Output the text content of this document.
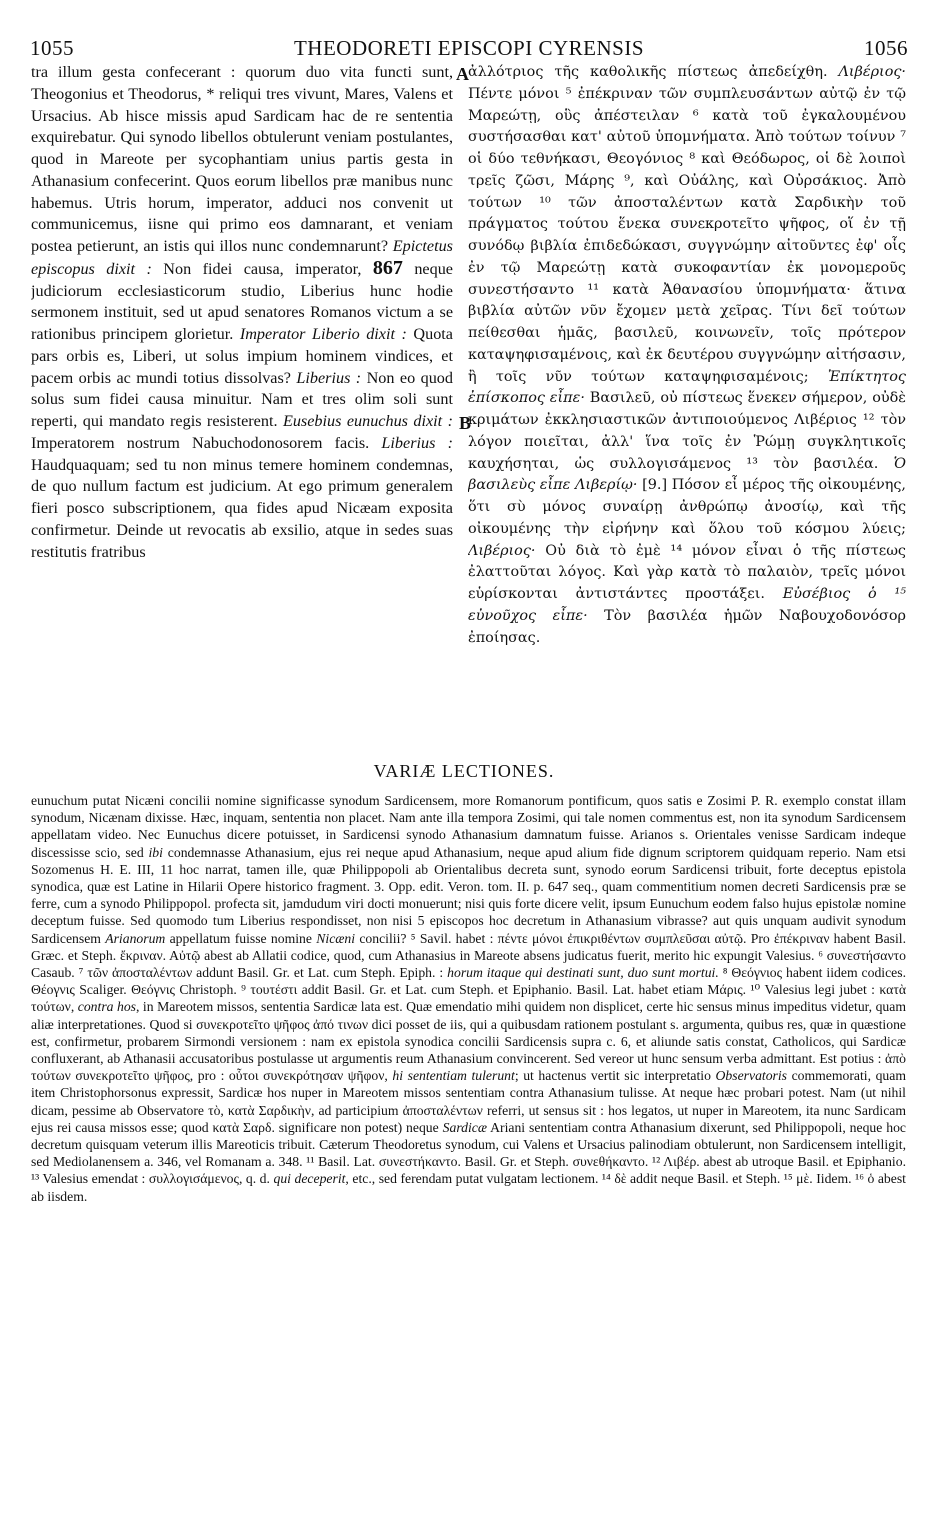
1055	THEODORETI EPISCOPI CYRENSIS	1056

tra illum gesta confecerant : quorum duo vita functi sunt, Theogonius et Theodorus, * reliqui tres vivunt, Mares, Valens et Ursacius. Ab hisce missis apud Sardicam hac de re sententia exquirebatur. Qui synodo libellos obtulerunt veniam postulantes, quod in Mareote per sycophantiam unius partis gesta in Athanasium confecerint. Quos eorum libellos præ manibus nunc habemus. Utris horum, imperator, adduci nos convenit ut communicemus, iisne qui primo eos damnarant, et veniam postea petierunt, an istis qui illos nunc condemnarunt? Epictetus episcopus dixit : Non fidei causa, imperator, 867 neque judiciorum ecclesiasticorum studio, Liberius hunc hodie sermonem instituit, sed ut apud senatores Romanos victum a se rationibus principem glorietur. Imperator Liberio dixit : Quota pars orbis es, Liberi, ut solus impium hominem vindices, et pacem orbis ac mundi totius dissolvas? Liberius : Non eo quod solus sum fidei causa minuitur. Nam et tres olim soli sunt reperti, qui mandato regis resisterent. Eusebius eunuchus dixit : Imperatorem nostrum Nabuchodonosorem facis. Liberius : Haudquaquam; sed tu non minus temere hominem condemnas, de quo nullum factum est judicium. At ego primum generalem fieri posco subscriptionem, qua fides apud Nicæam exposita confirmetur. Deinde ut revocatis ab exsilio, atque in sedes suas restitutis fratribus

A
B

ἀλλότριος τῆς καθολικῆς πίστεως ἀπεδείχθη. Λιβέριος· Πέντε μόνοι ⁵ ἐπέκριναν τῶν συμπλευσάντων αὐτῷ ἐν τῷ Μαρεώτῃ, οὓς ἀπέστειλαν ⁶ κατὰ τοῦ ἐγκαλουμένου συστήσασθαι κατ' αὐτοῦ ὑπομνήματα. Ἀπὸ τούτων τοίνυν ⁷ οἱ δύο τεθνήκασι, Θεογόνιος ⁸ καὶ Θεόδωρος, οἱ δὲ λοιποὶ τρεῖς ζῶσι, Μάρης ⁹, καὶ Οὐάλης, καὶ Οὐρσάκιος. Ἀπὸ τούτων ¹⁰ τῶν ἀποσταλέντων κατὰ Σαρδικὴν τοῦ πράγματος τούτου ἕνεκα συνεκροτεῖτο ψῆφος, οἵ ἐν τῇ συνόδῳ βιβλία ἐπιδεδώκασι, συγγνώμην αἰτοῦντες ἐφ' οἷς ἐν τῷ Μαρεώτῃ κατὰ συκοφαντίαν ἐκ μονομεροῦς συνεστήσαντο ¹¹ κατὰ Ἀθανασίου ὑπομνήματα· ἅτινα βιβλία αὐτῶν νῦν ἔχομεν μετὰ χεῖρας. Τίνι δεῖ τούτων πείθεσθαι ἡμᾶς, βασιλεῦ, κοινωνεῖν, τοῖς πρότερον καταψηφισαμένοις, καὶ ἐκ δευτέρου συγγνώμην αἰτήσασιν, ἢ τοῖς νῦν τούτων καταψηφισαμένοις; Ἐπίκτητος ἐπίσκοπος εἶπε· Βασιλεῦ, οὐ πίστεως ἕνεκεν σήμερον, οὐδὲ κριμάτων ἐκκλησιαστικῶν ἀντιποιούμενος Λιβέριος ¹² τὸν λόγον ποιεῖται, ἀλλ' ἵνα τοῖς ἐν Ῥώμῃ συγκλητικοῖς καυχήσηται, ὡς συλλογισάμενος ¹³ τὸν βασιλέα. Ὁ βασιλεὺς εἶπε Λιβερίῳ· [9.] Πόσον εἶ μέρος τῆς οἰκουμένης, ὅτι σὺ μόνος συναίρῃ ἀνθρώπῳ ἀνοσίῳ, καὶ τῆς οἰκουμένης τὴν εἰρήνην καὶ ὅλου τοῦ κόσμου λύεις; Λιβέριος· Οὐ διὰ τὸ ἐμὲ ¹⁴ μόνον εἶναι ὁ τῆς πίστεως ἐλαττοῦται λόγος. Καὶ γὰρ κατὰ τὸ παλαιὸν, τρεῖς μόνοι εὑρίσκονται ἀντιστάντες προστάξει. Εὐσέβιος ὁ ¹⁵ εὐνοῦχος εἶπε· Τὸν βασιλέα ἡμῶν Ναβουχοδονόσορ ἐποίησας.

VARIÆ LECTIONES.
eunuchum putat Nicæni concilii nomine significasse synodum Sardicensem, more Romanorum pontificum, quos satis e Zosimi P. R. exemplo constat illam synodum, Nicænam dixisse. Hæc, inquam, sententia non placet. Nam ante illa tempora Zosimi, qui tale nomen commentus est, non ita synodum Sardicensem appellatam video. Nec Eunuchus dicere potuisset, in Sardicensi synodo Athanasium damnatum fuisse. Arianos s. Orientales venisse Sardicam indeque discessisse scio, sed ibi condemnasse Athanasium, ejus rei neque apud Athanasium, neque apud alium fide dignum scriptorem quidquam reperio. Nam etsi Sozomenus H. E. III, 11 hoc narrat, tamen ille, quæ Philippopoli ab Orientalibus decreta sunt, synodo eorum Sardicensi tribuit, forte deceptus epistola synodica, quæ est Latine in Hilarii Opere historico fragment. 3. Opp. edit. Veron. tom. II. p. 647 seq., quam commentitium nomen decreti Sardicensis præ se ferre, cum a synodo Philippopol. profecta sit, jamdudum viri docti monuerunt; nisi quis forte dicere velit, ipsum Eunuchum eodem falso hujus epistolæ nomine deceptum fuisse. Sed quomodo tum Liberius respondisset, non nisi 5 episcopos hoc decretum in Athanasium vibrasse? aut quis unquam audivit synodum Sardicensem Arianorum appellatum fuisse nomine Nicæni concilii? ⁵ Savil. habet : πέντε μόνοι ἐπικριθέντων συμπλεῦσαι αὐτῷ. Pro ἐπέκριναν habent Basil. Græc. et Steph. ἔκριναν. Αὐτῷ abest ab Allatii codice, quod, cum Athanasius in Mareote absens judicatus fuerit, merito hic expungit Valesius. ⁶ συνεστήσαντο Casaub. ⁷ τῶν ἀποσταλέντων addunt Basil. Gr. et Lat. cum Steph. Epiph. : horum itaque qui destinati sunt, duo sunt mortui. ⁸ Θεόγνιος habent iidem codices. Θέογνις Scaliger. Θεόγνις Christoph. ⁹ τουτέστι addit Basil. Gr. et Lat. cum Steph. et Epiphanio. Basil. Lat. habet etiam Μάρις. ¹⁰ Valesius legi jubet : κατὰ τούτων, contra hos, in Mareotem missos, sententia Sardicæ lata est. Quæ emendatio mihi quidem non displicet, certe hic sensus minus impeditus videtur, quam aliæ interpretationes. Quod si συνεκροτεῖτο ψῆφος ἀπό τινων dici posset de iis, qui a quibusdam rationem postulant s. argumenta, quibus res, quæ in quæstione est, confirmetur, probarem Sirmondi versionem : nam ex epistola synodica concilii Sardicensis supra c. 6, et aliunde satis constat, Catholicos, qui Sardicæ confluxerant, ab Athanasii accusatoribus postulasse ut argumentis reum Athanasium convincerent. Sed vereor ut hunc sensum verba admittant. Est potius : ἀπὸ τούτων συνεκροτεῖτο ψῆφος, pro : οὗτοι συνεκρότησαν ψῆφον, hi sententiam tulerunt; ut hactenus vertit sic interpretatio Observatoris commemorati, quam item Christophorsonus expressit, Sardicæ hos nuper in Mareotem missos sententiam contra Athanasium tulisse. At neque hæc probari potest. Nam (ut nihil dicam, pessime ab Observatore τὸ, κατὰ Σαρδικὴν, ad participium ἀποσταλέντων referri, ut sensus sit : hos legatos, ut nuper in Mareotem, ita nunc Sardicam ejus rei causa missos esse; quod κατὰ Σαρδ. significare non potest) neque Sardicæ Ariani sententiam contra Athanasium dixerunt, sed Philippopoli, neque hoc decretum quisquam veterum illis Mareoticis tribuit. Cæterum Theodoretus synodum, cui Valens et Ursacius palinodiam obtulerunt, non Sardicensem intelligit, sed Mediolanensem a. 346, vel Romanam a. 348. ¹¹ Basil. Lat. συνεστήκαντο. Basil. Gr. et Steph. συνεθήκαντο. ¹² Λιβέρ. abest ab utroque Basil. et Epiphanio. ¹³ Valesius emendat : συλλογισάμενος, q. d. qui deceperit, etc., sed ferendam putat vulgatam lectionem. ¹⁴ δὲ addit neque Basil. et Steph. ¹⁵ μὲ. Iidem. ¹⁶ ὁ abest ab iisdem.
